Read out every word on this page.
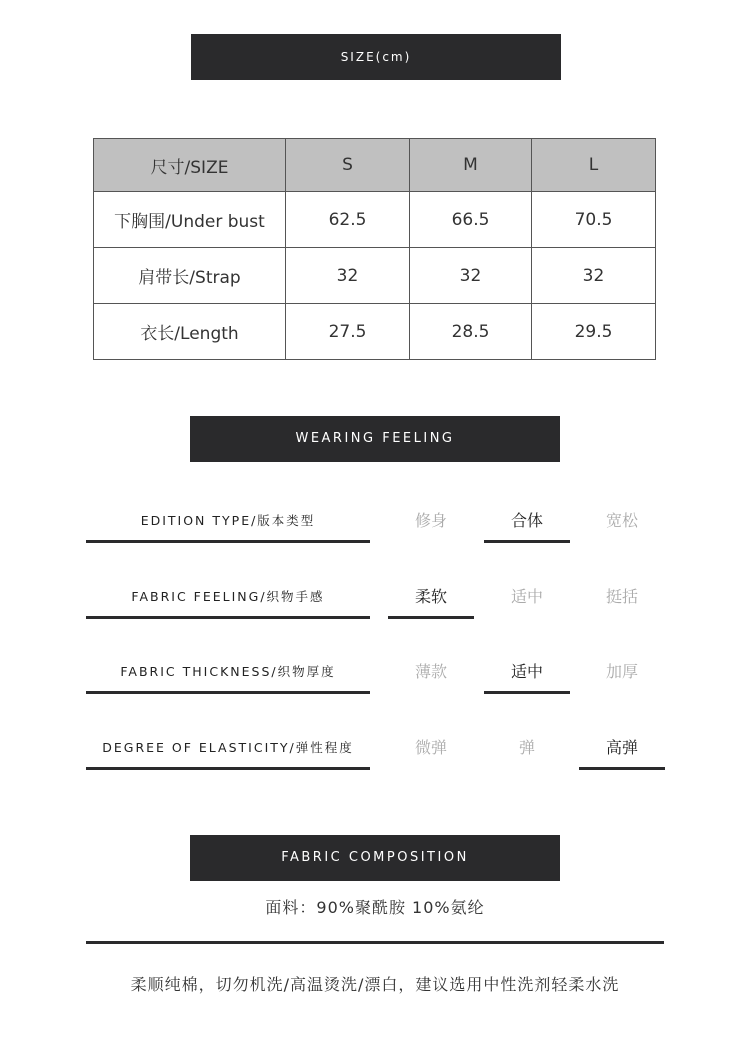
SIZE(cm)
尺寸/SIZE	S	M	L
下胸围/Under bust	62.5	66.5	70.5
肩带长/Strap	32	32	32
衣长/Length	27.5	28.5	29.5
WEARING FEELING
EDITION TYPE/版本类型	修身	合体	宽松
FABRIC FEELING/织物手感	柔软	适中	挺括
FABRIC THICKNESS/织物厚度	薄款	适中	加厚
DEGREE OF ELASTICITY/弹性程度	微弹	弹	高弹
FABRIC COMPOSITION
面料：90%聚酰胺 10%氨纶
柔顺纯棉，切勿机洗/高温烫洗/漂白，建议选用中性洗剂轻柔水洗
